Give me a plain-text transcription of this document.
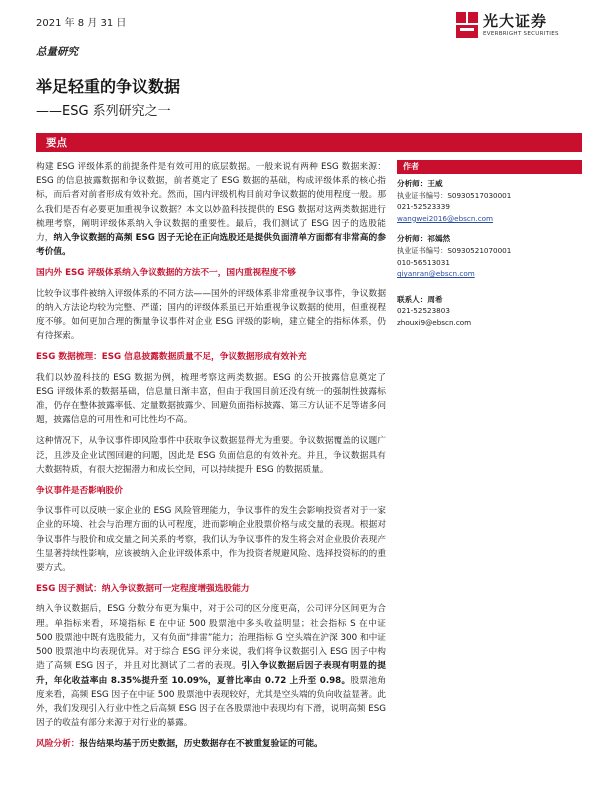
2021 年 8 月 31 日	光大证券
EVERBRIGHT SECURITIES
总量研究
举足轻重的争议数据
——ESG 系列研究之一
要点

构建 ESG 评级体系的前提条件是有效可用的底层数据。一般来说有两种 ESG 数据来源：ESG 的信息披露数据和争议数据，前者奠定了 ESG 数据的基础，构成评级体系的核心指标，而后者对前者形成有效补充。然而，国内评级机构目前对争议数据的使用程度一般。那么我们是否有必要更加重视争议数据？本文以妙盈科技提供的 ESG 数据对这两类数据进行梳理考察，阐明评级体系纳入争议数据的重要性。最后，我们测试了 ESG 因子的选股能力，纳入争议数据的高频 ESG 因子无论在正向选股还是提供负面清单方面都有非常高的参考价值。

国内外 ESG 评级体系纳入争议数据的方法不一，国内重视程度不够

比较争议事件被纳入评级体系的不同方法——国外的评级体系非常重视争议事件，争议数据的纳入方法论均较为完整、严谨；国内的评级体系虽已开始重视争议数据的使用，但重视程度不够。如何更加合理的衡量争议事件对企业 ESG 评级的影响，建立健全的指标体系，仍有待探索。

ESG 数据梳理：ESG 信息披露数据质量不足，争议数据形成有效补充

我们以妙盈科技的 ESG 数据为例，梳理考察这两类数据。ESG 的公开披露信息奠定了 ESG 评级体系的数据基础，信息量日渐丰富，但由于我国目前还没有统一的强制性披露标准，仍存在整体披露率低、定量数据披露少、回避负面指标披露、第三方认证不足等诸多问题，披露信息的可用性和可比性均不高。

这种情况下，从争议事件即风险事件中获取争议数据显得尤为重要。争议数据覆盖的议题广泛，且涉及企业试图回避的问题，因此是 ESG 负面信息的有效补充。并且，争议数据具有大数据特质，有很大挖掘潜力和成长空间，可以持续提升 ESG 的数据质量。

争议事件是否影响股价

争议事件可以反映一家企业的 ESG 风险管理能力，争议事件的发生会影响投资者对于一家企业的环境、社会与治理方面的认可程度，进而影响企业股票价格与成交量的表现。根据对争议事件与股价和成交量之间关系的考察，我们认为争议事件的发生将会对企业股价表现产生显著持续性影响，应该被纳入企业评级体系中，作为投资者规避风险、选择投资标的的重要方式。

ESG 因子测试：纳入争议数据可一定程度增强选股能力

纳入争议数据后，ESG 分数分布更为集中，对于公司的区分度更高，公司评分区间更为合理。单指标来看，环境指标 E 在中证 500 股票池中多头收益明显；社会指标 S 在中证 500 股票池中既有选股能力，又有负面“排雷”能力；治理指标 G 空头端在沪深 300 和中证 500 股票池中均表现优异。对于综合 ESG 评分来说，我们将争议数据引入 ESG 因子中构造了高频 ESG 因子，并且对比测试了二者的表现。引入争议数据后因子表现有明显的提升，年化收益率由 8.35%提升至 10.09%，夏普比率由 0.72 上升至 0.98。股票池角度来看，高频 ESG 因子在中证 500 股票池中表现较好，尤其是空头端的负向收益显著。此外，我们发现引入行业中性之后高频 ESG 因子在各股票池中表现均有下滑，说明高频 ESG 因子的收益有部分来源于对行业的暴露。

风险分析：报告结果均基于历史数据，历史数据存在不被重复验证的可能。

作者
分析师：王威
执业证书编号：S0930517030001
021-52523339
wangwei2016@ebscn.com
分析师：祁嫣然
执业证书编号：S0930521070001
010-56513031
qiyanran@ebscn.com
联系人：周希
021-52523803
zhouxi9@ebscn.com
